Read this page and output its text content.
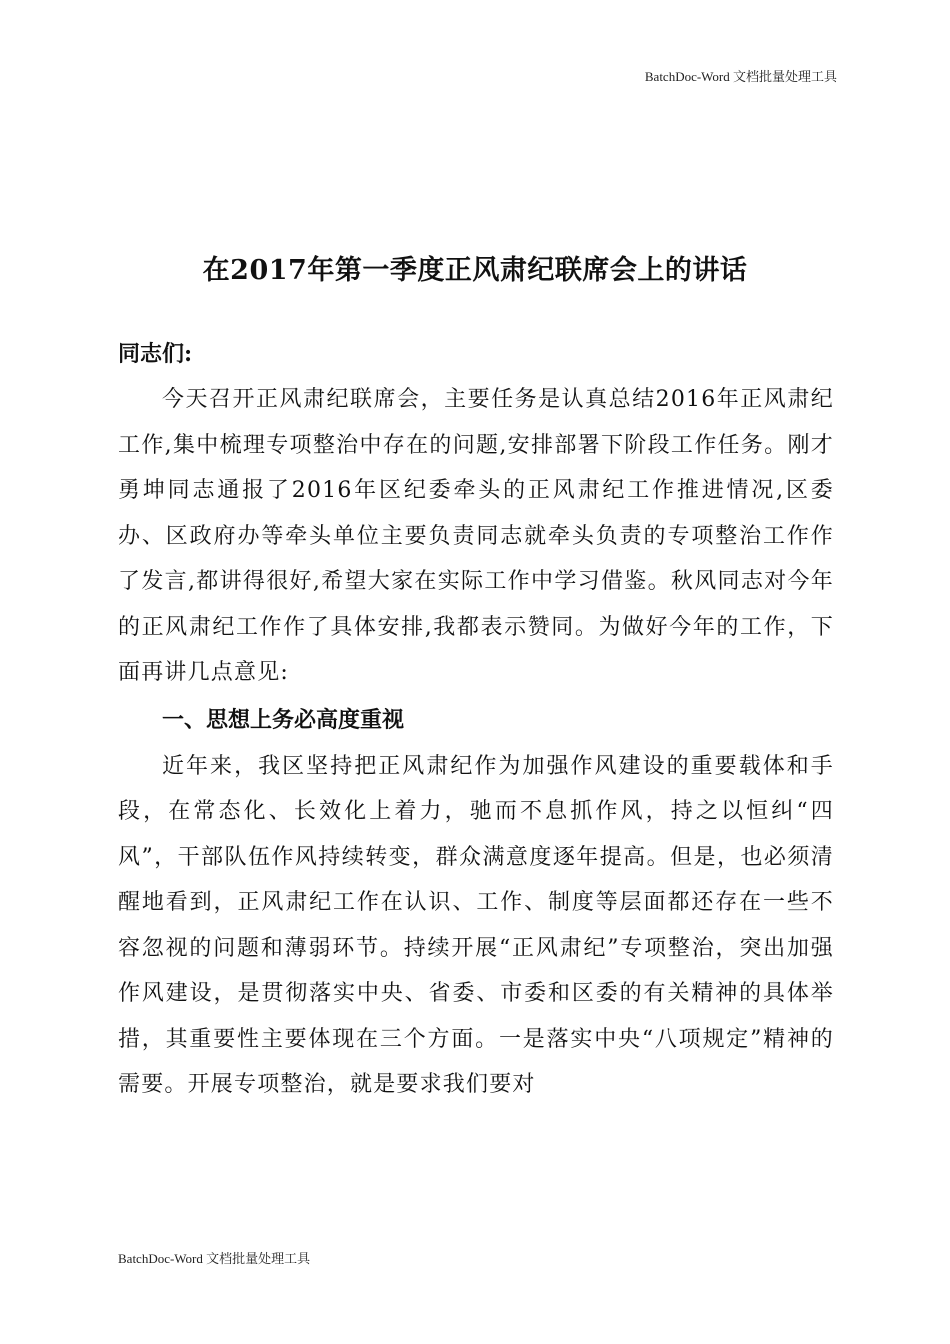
BatchDoc-Word 文档批量处理工具
在2017年第一季度正风肃纪联席会上的讲话

同志们:

今天召开正风肃纪联席会，主要任务是认真总结2016年正风肃纪工作,集中梳理专项整治中存在的问题,安排部署下阶段工作任务。刚才勇坤同志通报了2016年区纪委牵头的正风肃纪工作推进情况,区委办、区政府办等牵头单位主要负责同志就牵头负责的专项整治工作作了发言,都讲得很好,希望大家在实际工作中学习借鉴。秋风同志对今年的正风肃纪工作作了具体安排,我都表示赞同。为做好今年的工作，下面再讲几点意见:

一、思想上务必高度重视

近年来，我区坚持把正风肃纪作为加强作风建设的重要载体和手段，在常态化、长效化上着力，驰而不息抓作风，持之以恒纠“四风”，干部队伍作风持续转变，群众满意度逐年提高。但是，也必须清醒地看到，正风肃纪工作在认识、工作、制度等层面都还存在一些不容忽视的问题和薄弱环节。持续开展“正风肃纪”专项整治，突出加强作风建设，是贯彻落实中央、省委、市委和区委的有关精神的具体举措，其重要性主要体现在三个方面。一是落实中央“八项规定”精神的需要。开展专项整治，就是要求我们要对

BatchDoc-Word 文档批量处理工具
